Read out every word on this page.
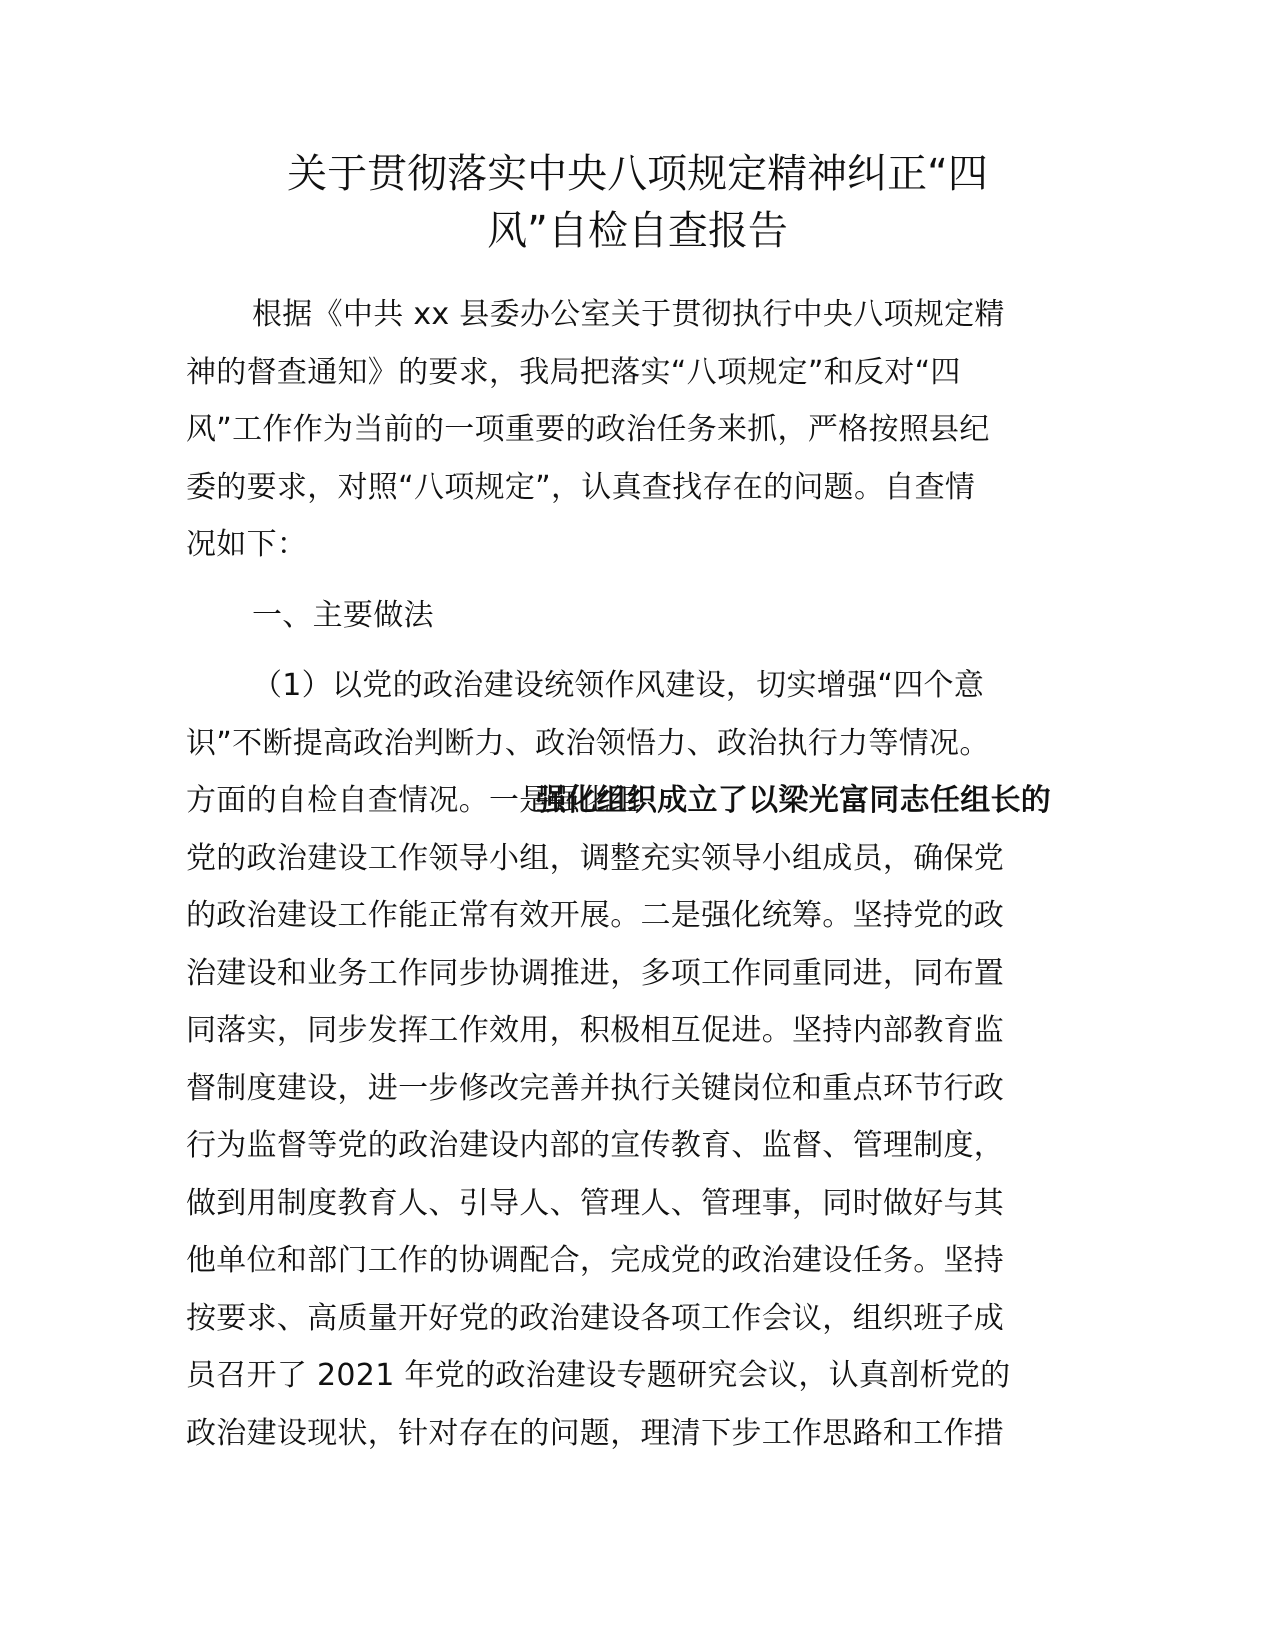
关于贯彻落实中央八项规定精神纠正“四
风”自检自查报告
根据《中共 xx 县委办公室关于贯彻执行中央八项规定精
神的督查通知》的要求，我局把落实“八项规定”和反对“四
风”工作作为当前的一项重要的政治任务来抓，严格按照县纪
委的要求，对照“八项规定”，认真查找存在的问题。自查情
况如下：
一、主要做法
（1）以党的政治建设统领作风建设，切实增强“四个意
识”不断提高政治判断力、政治领悟力、政治执行力等情况。
方面的自检自查情况。一是强化组
强化组织成立了以梁光富同志任组长的
党的政治建设工作领导小组，调整充实领导小组成员，确保党
的政治建设工作能正常有效开展。二是强化统筹。坚持党的政
治建设和业务工作同步协调推进，多项工作同重同进，同布置
同落实，同步发挥工作效用，积极相互促进。坚持内部教育监
督制度建设，进一步修改完善并执行关键岗位和重点环节行政
行为监督等党的政治建设内部的宣传教育、监督、管理制度，
做到用制度教育人、引导人、管理人、管理事，同时做好与其
他单位和部门工作的协调配合，完成党的政治建设任务。坚持
按要求、高质量开好党的政治建设各项工作会议，组织班子成
员召开了 2021 年党的政治建设专题研究会议，认真剖析党的
政治建设现状，针对存在的问题，理清下步工作思路和工作措
